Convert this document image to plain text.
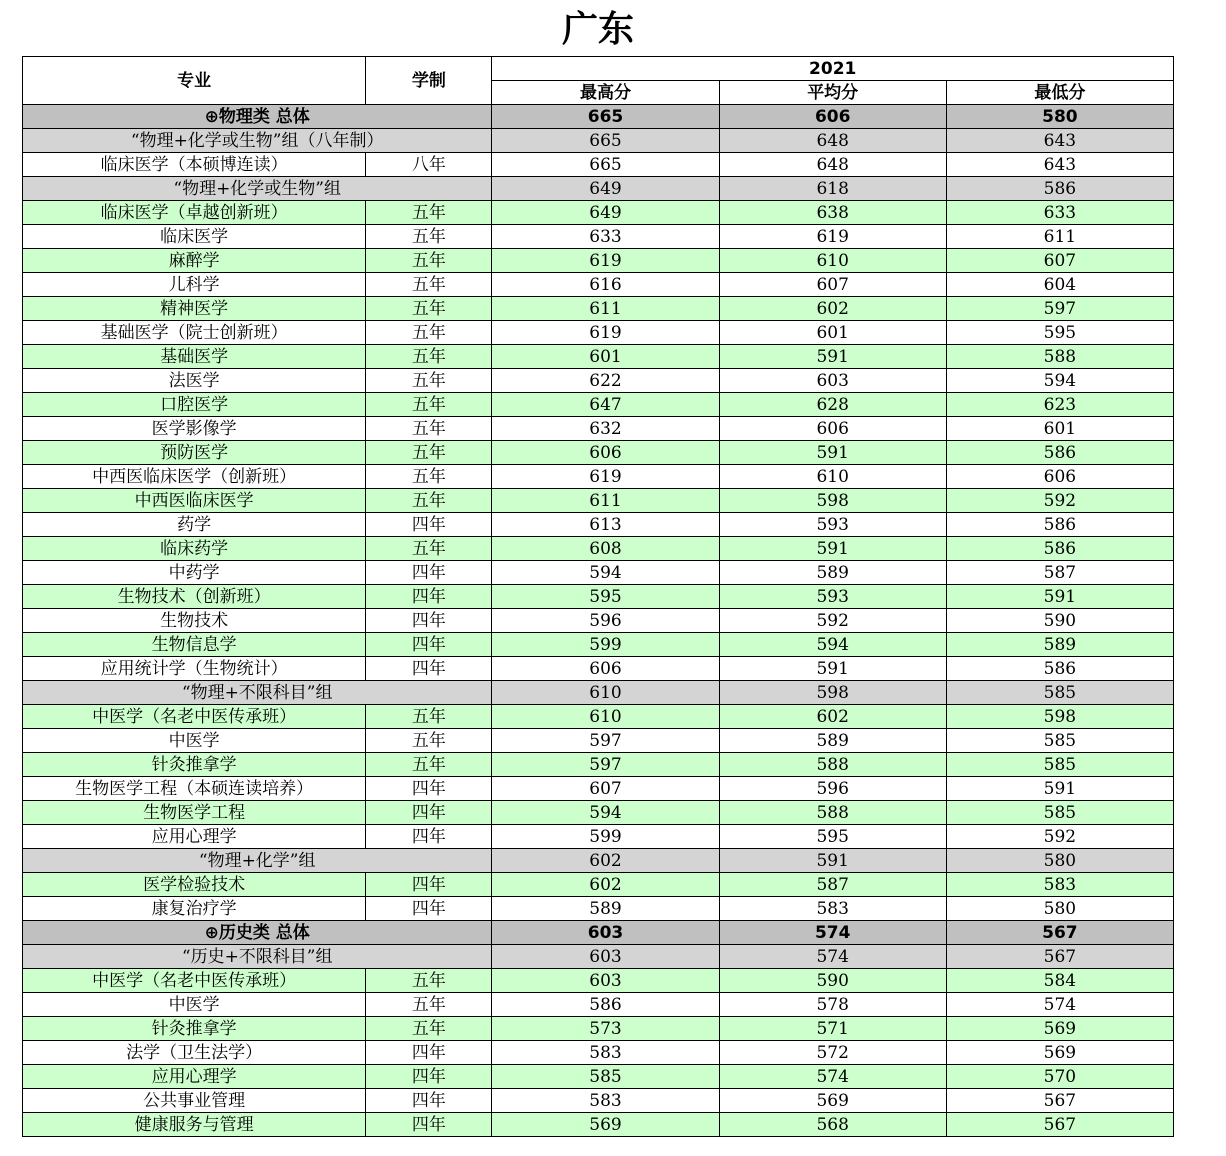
广东
专业	学制	2021		
		最高分	平均分	最低分
⊕物理类 总体		665	606	580
“物理+化学或生物”组（八年制）		665	648	643
临床医学（本硕博连读）	八年	665	648	643
“物理+化学或生物”组		649	618	586
临床医学（卓越创新班）	五年	649	638	633
临床医学	五年	633	619	611
麻醉学	五年	619	610	607
儿科学	五年	616	607	604
精神医学	五年	611	602	597
基础医学（院士创新班）	五年	619	601	595
基础医学	五年	601	591	588
法医学	五年	622	603	594
口腔医学	五年	647	628	623
医学影像学	五年	632	606	601
预防医学	五年	606	591	586
中西医临床医学（创新班）	五年	619	610	606
中西医临床医学	五年	611	598	592
药学	四年	613	593	586
临床药学	五年	608	591	586
中药学	四年	594	589	587
生物技术（创新班）	四年	595	593	591
生物技术	四年	596	592	590
生物信息学	四年	599	594	589
应用统计学（生物统计）	四年	606	591	586
“物理+不限科目”组		610	598	585
中医学（名老中医传承班）	五年	610	602	598
中医学	五年	597	589	585
针灸推拿学	五年	597	588	585
生物医学工程（本硕连读培养）	四年	607	596	591
生物医学工程	四年	594	588	585
应用心理学	四年	599	595	592
“物理+化学”组		602	591	580
医学检验技术	四年	602	587	583
康复治疗学	四年	589	583	580
⊕历史类 总体		603	574	567
“历史+不限科目”组		603	574	567
中医学（名老中医传承班）	五年	603	590	584
中医学	五年	586	578	574
针灸推拿学	五年	573	571	569
法学（卫生法学）	四年	583	572	569
应用心理学	四年	585	574	570
公共事业管理	四年	583	569	567
健康服务与管理	四年	569	568	567
